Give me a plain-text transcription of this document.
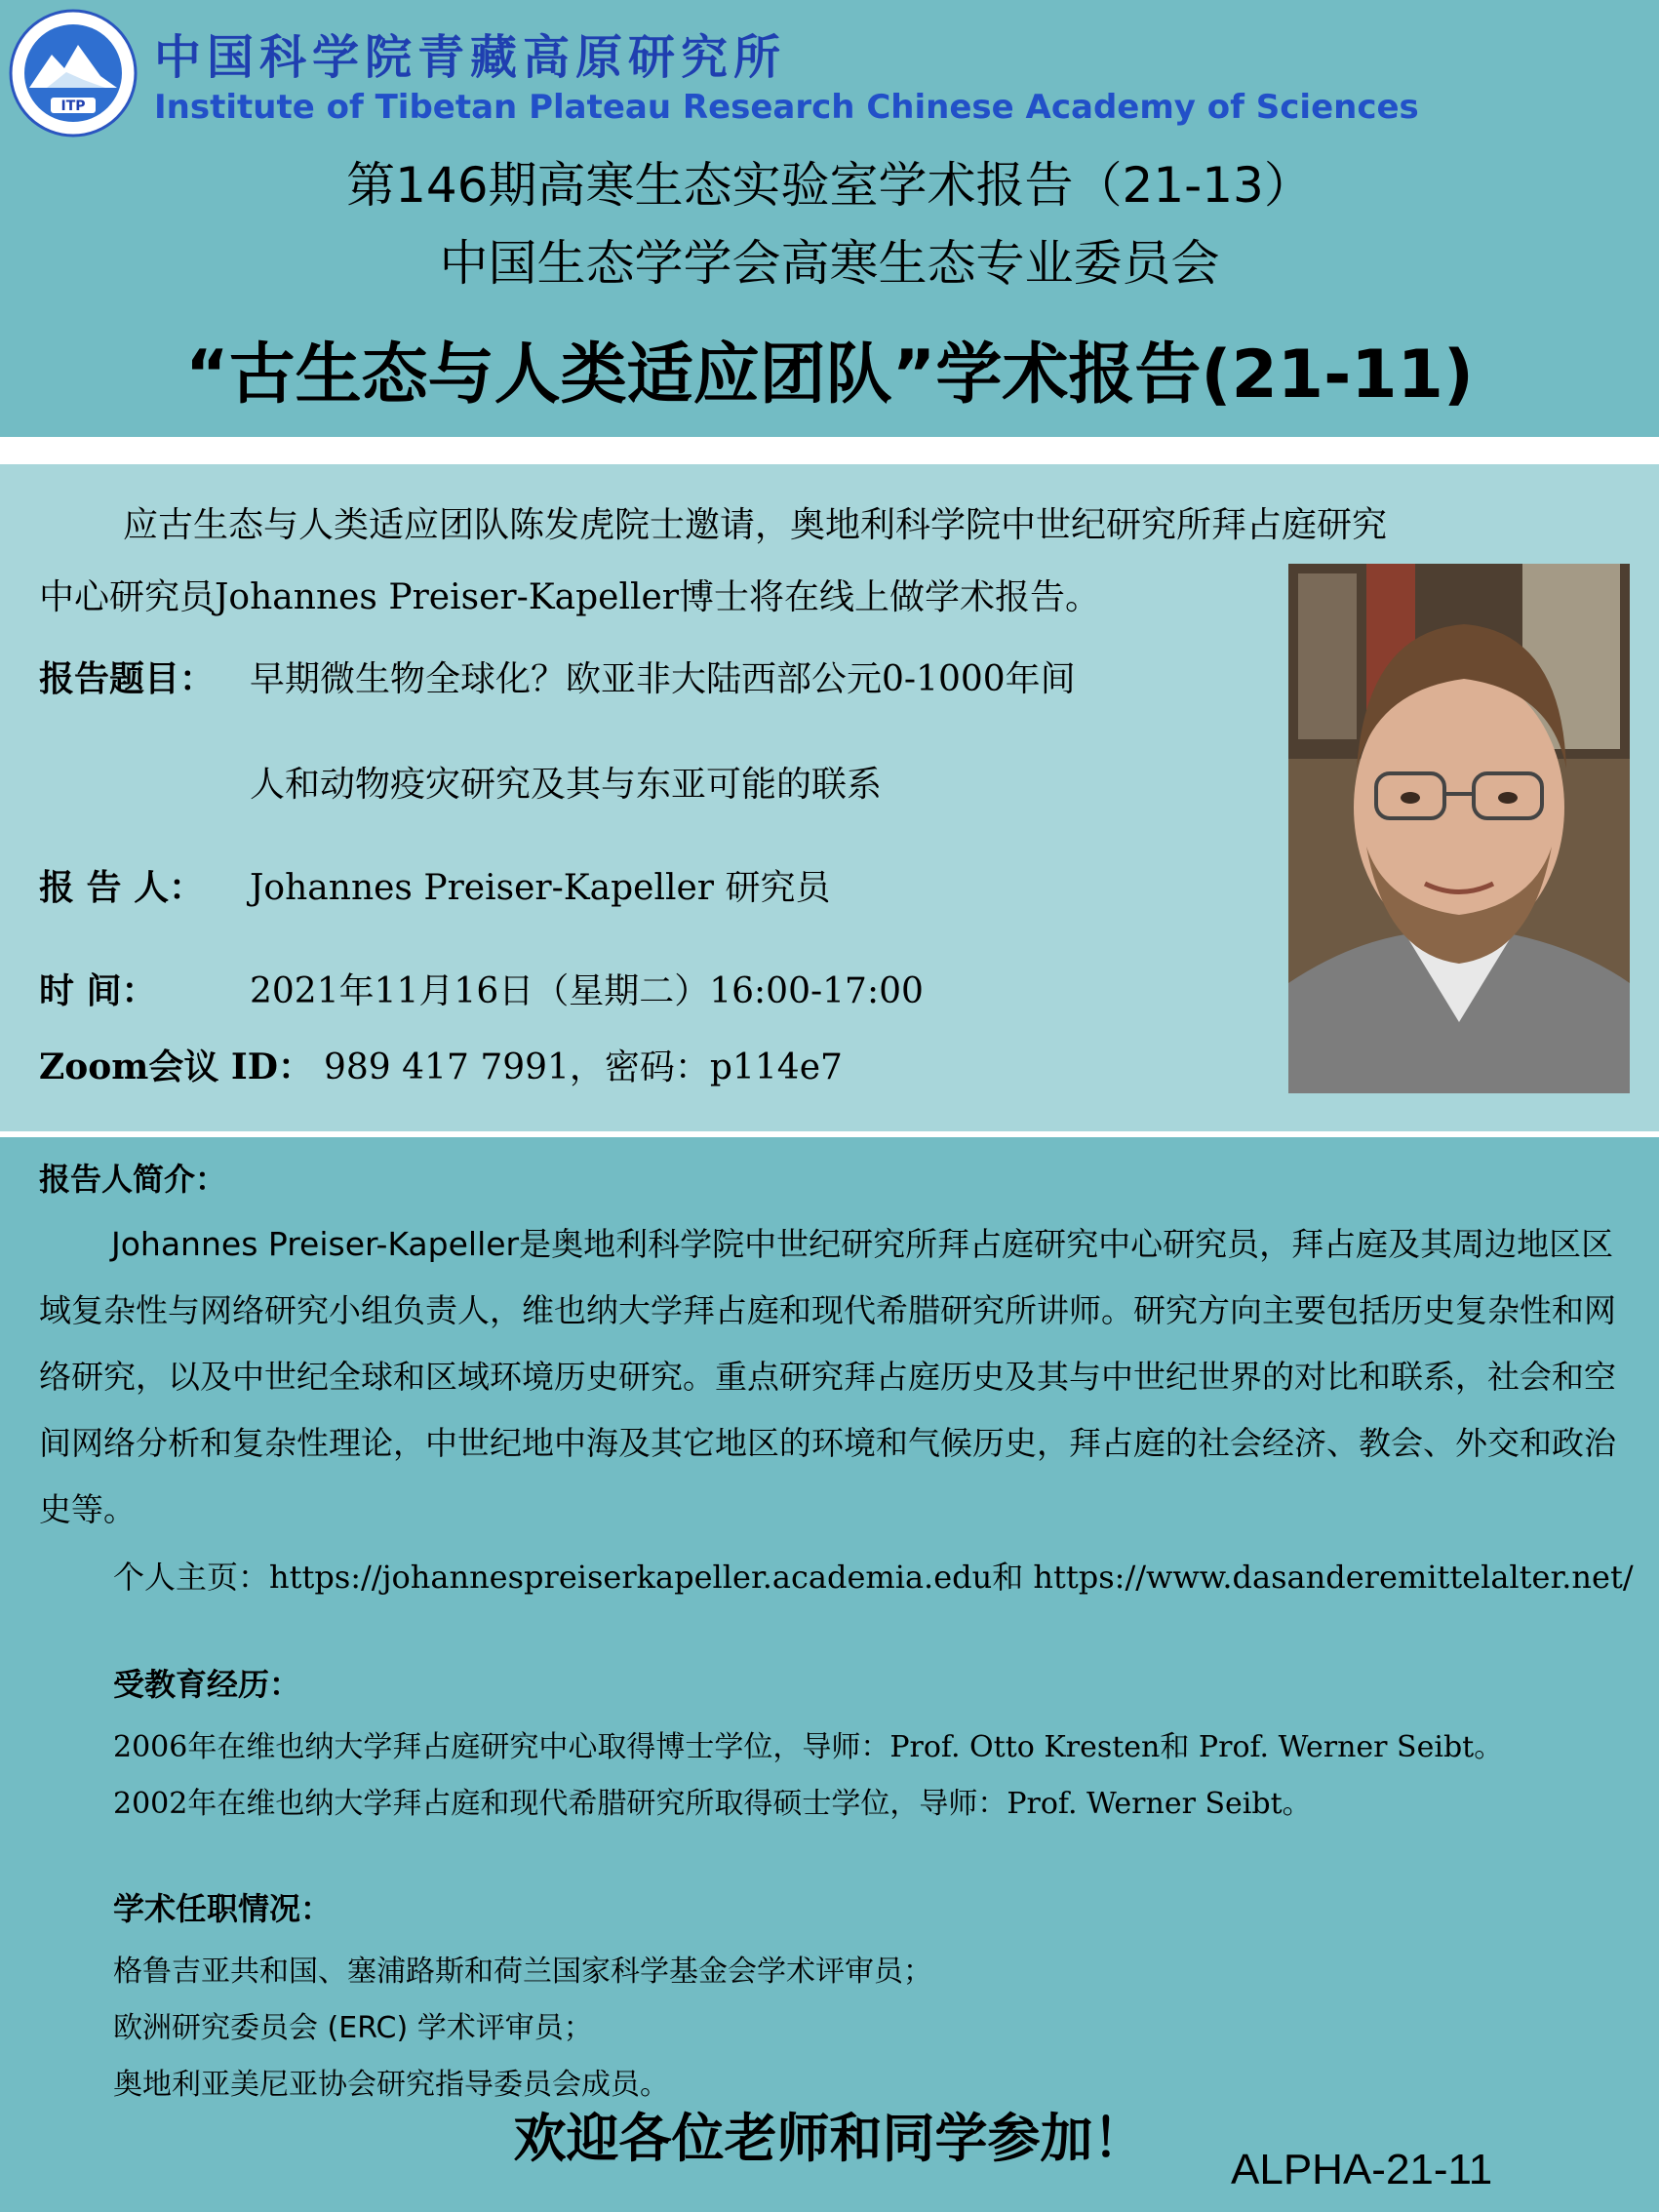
ITP
中国科学院青藏高原研究所
Institute of Tibetan Plateau Research Chinese Academy of Sciences
第146期高寒生态实验室学术报告（21-13）
中国生态学学会高寒生态专业委员会
“古生态与人类适应团队”学术报告(21-11)
应古生态与人类适应团队陈发虎院士邀请，奥地利科学院中世纪研究所拜占庭研究
中心研究员Johannes Preiser-Kapeller博士将在线上做学术报告。
报告题目： 早期微生物全球化？欧亚非大陆西部公元0-1000年间
人和动物疫灾研究及其与东亚可能的联系
报 告 人： Johannes Preiser-Kapeller 研究员
时 间：	2021年11月16日（星期二）16:00-17:00
Zoom会议 ID： 989 417 7991，密码：p114e7
报告人简介：
Johannes Preiser-Kapeller是奥地利科学院中世纪研究所拜占庭研究中心研究员，拜占庭及其周边地区区域复杂性与网络研究小组负责人，维也纳大学拜占庭和现代希腊研究所讲师。研究方向主要包括历史复杂性和网络研究，以及中世纪全球和区域环境历史研究。重点研究拜占庭历史及其与中世纪世界的对比和联系，社会和空间网络分析和复杂性理论，中世纪地中海及其它地区的环境和气候历史，拜占庭的社会经济、教会、外交和政治史等。
个人主页：https://johannespreiserkapeller.academia.edu和 https://www.dasanderemittelalter.net/
受教育经历：
2006年在维也纳大学拜占庭研究中心取得博士学位，导师：Prof. Otto Kresten和 Prof. Werner Seibt。
2002年在维也纳大学拜占庭和现代希腊研究所取得硕士学位，导师：Prof. Werner Seibt。
学术任职情况：
格鲁吉亚共和国、塞浦路斯和荷兰国家科学基金会学术评审员；
欧洲研究委员会 (ERC) 学术评审员；
奥地利亚美尼亚协会研究指导委员会成员。
欢迎各位老师和同学参加！
ALPHA-21-11
